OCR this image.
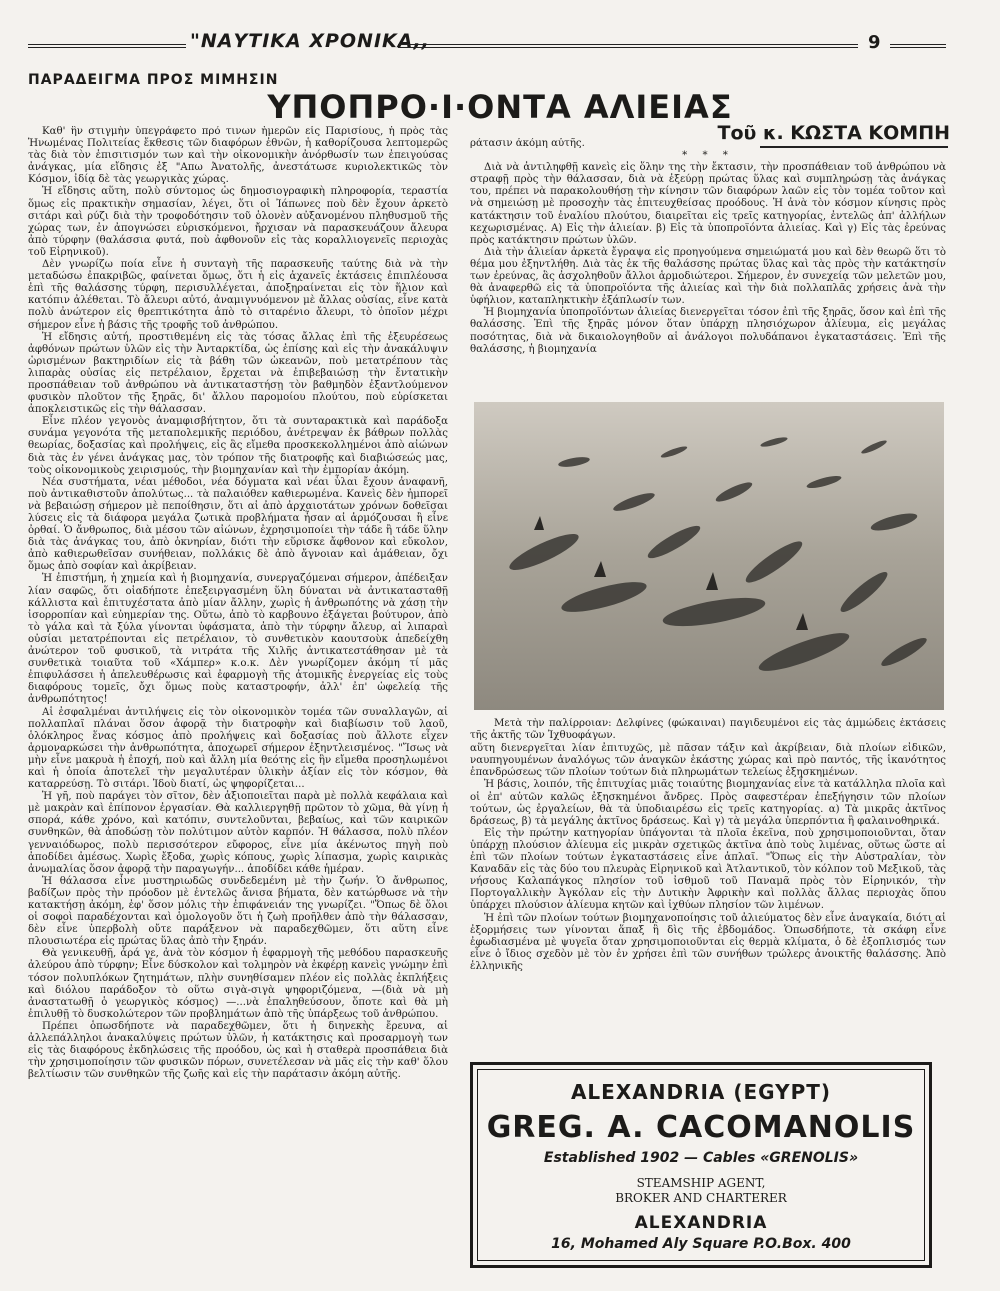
"ΝΑΥΤΙΚΑ ΧΡΟΝΙΚΑ,,	9
ΠΑΡΑΔΕΙΓΜΑ ΠΡΟΣ ΜΙΜΗΣΙΝ
ΥΠΟΠΡΟ·Ι·ΟΝΤΑ ΑΛΙΕΙΑΣ
Τοῦ κ. ΚΩΣΤΑ ΚΟΜΠΗ

Καθ' ἣν στιγμὴν ὑπεγράφετο πρό τινων ἡμερῶν εἰς Παρισίους, ἡ πρὸς τὰς Ἡνωμένας Πολιτείας ἔκθεσις τῶν διαφόρων ἐθνῶν, ἡ καθορίζουσα λεπτομερῶς τὰς διὰ τὸν ἐπισιτισμόν των καὶ τὴν οἰκονομικὴν ἀνόρθωσίν των ἐπειγούσας ἀνάγκας, μία εἴδησις ἐξ "Απω Ἀνατολῆς, ἀνεστάτωσε κυριολεκτικῶς τὸν Κόσμον, ἰδίᾳ δὲ τὰς γεωργικὰς χώρας.

Ἡ εἴδησις αὕτη, πολὺ σύντομος ὡς δημοσιογραφικὴ πληροφορία, τεραστία ὅμως εἰς πρακτικὴν σημασίαν, λέγει, ὅτι οἱ Ἰάπωνες ποὺ δὲν ἔχουν ἀρκετὸ σιτάρι καὶ ρύζι διὰ τὴν τροφοδότησιν τοῦ ὁλονὲν αὐξανομένου πληθυσμοῦ τῆς χώρας των, ἐν ἀπογνώσει εὑρισκόμενοι, ἤρχισαν νὰ παρασκευάζουν ἄλευρα ἀπὸ τύρφην (θαλάσσια φυτά, ποὺ ἀφθονοῦν εἰς τὰς κοραλλιογενεῖς περιοχὰς τοῦ Εἰρηνικοῦ).

Δὲν γνωρίζω ποία εἶνε ἡ συνταγὴ τῆς παρασκευῆς ταύτης διὰ νὰ τὴν μεταδώσω ἐπακριβῶς, φαίνεται ὅμως, ὅτι ἡ εἰς ἀχανεῖς ἐκτάσεις ἐπιπλέουσα ἐπὶ τῆς θαλάσσης τύρφη, περισυλλέγεται, ἀποξηραίνεται εἰς τὸν ἥλιον καὶ κατόπιν ἀλέθεται. Τὸ ἄλευρι αὐτό, ἀναμιγνυόμενον μὲ ἄλλας οὐσίας, εἶνε κατὰ πολὺ ἀνώτερον εἰς θρεπτικότητα ἀπὸ τὸ σιταρένιο ἄλευρι, τὸ ὁποῖον μέχρι σήμερον εἶνε ἡ βάσις τῆς τροφῆς τοῦ ἀνθρώπου.

Ἡ εἴδησις αὐτή, προστιθεμένη εἰς τὰς τόσας ἄλλας ἐπὶ τῆς ἐξευρέσεως ἀφθόνων πρώτων ὑλῶν εἰς τὴν Ἀνταρκτίδα, ὡς ἐπίσης καὶ εἰς τὴν ἀνακάλυψιν ὡρισμένων βακτηριδίων εἰς τὰ βάθη τῶν ὠκεανῶν, ποὺ μετατρέπουν τὰς λιπαρὰς οὐσίας εἰς πετρέλαιον, ἔρχεται νὰ ἐπιβεβαιώσῃ τὴν ἔντατικὴν προσπάθειαν τοῦ ἀνθρώπου νὰ ἀντικαταστήσῃ τὸν βαθμηδὸν ἐξαντλούμενον φυσικὸν πλοῦτον τῆς ξηρᾶς, δι' ἄλλου παρομοίου πλούτου, ποὺ εὑρίσκεται ἀποκλειστικῶς εἰς τὴν θάλασσαν.

Εἶνε πλέον γεγονὸς ἀναμφισβήτητον, ὅτι τὰ συνταρακτικὰ καὶ παράδοξα συνάμα γεγονότα τῆς μεταπολεμικῆς περιόδου, ἀνέτρεψαν ἐκ βάθρων πολλὰς θεωρίας, δοξασίας καὶ προλήψεις, εἰς ἃς εἴμεθα προσκεκολλημένοι ἀπὸ αἰώνων διὰ τὰς ἐν γένει ἀνάγκας μας, τὸν τρόπον τῆς διατροφῆς καὶ διαβιώσεώς μας, τοὺς οἰκονομικοὺς χειρισμούς, τὴν βιομηχανίαν καὶ τὴν ἐμπορίαν ἀκόμη.

Νέα συστήματα, νέαι μέθοδοι, νέα δόγματα καὶ νέαι ὗλαι ἔχουν ἀναφανῆ, ποὺ ἀντικαθιστοῦν ἀπολύτως... τὰ παλαιόθεν καθιερωμένα. Κανεὶς δὲν ἠμπορεῖ νὰ βεβαιώσῃ σήμερον μὲ πεποίθησιν, ὅτι αἱ ἀπὸ ἀρχαιοτάτων χρόνων δοθεῖσαι λύσεις εἰς τὰ διάφορα μεγάλα ζωτικὰ προβλήματα ἦσαν αἱ ἁρμόζουσαι ἢ εἶνε ὀρθαί. Ὁ ἄνθρωπος, διὰ μέσου τῶν αἰώνων, ἐχρησιμοποίει τὴν τάδε ἢ τάδε ὕλην διὰ τὰς ἀνάγκας του, ἀπὸ ὀκνηρίαν, διότι τὴν εὕρισκε ἄφθονον καὶ εὔκολον, ἀπὸ καθιερωθεῖσαν συνήθειαν, πολλάκις δὲ ἀπὸ ἄγνοιαν καὶ ἀμάθειαν, ὄχι ὅμως ἀπὸ σοφίαν καὶ ἀκρίβειαν.

Ἡ ἐπιστήμη, ἡ χημεία καὶ ἡ βιομηχανία, συνεργαζόμεναι σήμερον, ἀπέδειξαν λίαν σαφῶς, ὅτι οἱαδήποτε ἐπεξειργασμένη ὕλη δύναται νὰ ἀντικατασταθῇ κάλλιστα καὶ ἐπιτυχέστατα ἀπὸ μίαν ἄλλην, χωρὶς ἡ ἀνθρωπότης νὰ χάσῃ τὴν ἰσορροπίαν καὶ εὐημερίαν της. Οὕτω, ἀπὸ τὸ καρβουνο ἐξάγεται βούτυρον, ἀπὸ τὸ γάλα καὶ τὰ ξύλα γίνονται ὑφάσματα, ἀπὸ τὴν τύρφην ἄλευρ, αἱ λιπαραὶ οὐσίαι μετατρέπονται εἰς πετρέλαιον, τὸ συνθετικὸν καουτσοὺκ ἀπεδείχθη ἀνώτερον τοῦ φυσικοῦ, τὰ νιτράτα τῆς Χιλῆς ἀντικατεστάθησαν μὲ τὰ συνθετικὰ τοιαῦτα τοῦ «Χάμπερ» κ.ο.κ. Δὲν γνωρίζομεν ἀκόμη τί μᾶς ἐπιφυλάσσει ἡ ἀπελευθέρωσις καὶ ἐφαρμογὴ τῆς ἀτομικῆς ἐνεργείας εἰς τοὺς διαφόρους τομεῖς, ὄχι ὅμως ποὺς καταστροφήν, ἀλλ' ἐπ' ὠφελείᾳ τῆς ἀνθρωπότητος!

Αἱ ἐσφαλμέναι ἀντιλήψεις εἰς τὸν οἰκονομικὸν τομέα τῶν συναλλαγῶν, αἱ πολλαπλαῖ πλάναι ὅσον ἀφορᾷ τὴν διατροφὴν καὶ διαβίωσιν τοῦ λαοῦ, ὁλόκληρος ἕνας κόσμος ἀπὸ προλήψεις καὶ δοξασίας ποὺ ἄλλοτε εἶχεν ἁρμοναρκώσει τὴν ἀνθρωπότητα, ἀποχωρεῖ σήμερον ἐξηντλεισμένος. "Ἴσως νὰ μὴν εἶνε μακρυὰ ἡ ἐποχή, ποὺ καὶ ἄλλη μία θεότης εἰς ἣν εἴμεθα προσηλωμένοι καὶ ἡ ὁποία ἀποτελεῖ τὴν μεγαλυτέραν ὑλικὴν ἀξίαν εἰς τὸν κόσμον, θὰ καταρρεύσῃ. Τὸ σιτάρι. Ἰδοὺ διατί, ὡς ψηφορίζεται...

Ἡ γῆ, ποὺ παράγει τὸν σῖτον, δὲν ἀξιοποιεῖται παρὰ μὲ πολλὰ κεφάλαια καὶ μὲ μακρὰν καὶ ἐπίπονον ἐργασίαν. Θὰ καλλιεργηθῇ πρῶτον τὸ χῶμα, θὰ γίνῃ ἡ σπορά, κάθε χρόνο, καὶ κατόπιν, συντελοῦνται, βεβαίως, καὶ τῶν καιρικῶν συνθηκῶν, θὰ ἀποδώσῃ τὸν πολύτιμον αὐτὸν καρπόν. Ἡ θάλασσα, πολὺ πλέον γενναιόδωρος, πολὺ περισσότερον εὔφορος, εἶνε μία ἀκένωτος πηγὴ ποὺ ἀποδίδει ἀμέσως. Χωρὶς ἔξοδα, χωρὶς κόπους, χωρὶς λίπασμα, χωρὶς καιρικὰς ἀνωμαλίας ὅσον ἀφορᾷ τὴν παραγωγήν... ἀποδίδει κάθε ἡμέραν.

Ἡ θάλασσα εἶνε μυστηριωδῶς συνδεδεμένη μὲ τὴν ζωήν. Ὁ ἄνθρωπος, βαδίζων πρὸς τὴν πρόοδον μὲ ἐντελῶς ἄνισα βήματα, δὲν κατώρθωσε νὰ τὴν κατακτήσῃ ἀκόμη, ἐφ' ὅσον μόλις τὴν ἐπιφάνειάν της γνωρίζει. "Ὅπως δὲ ὅλοι οἱ σοφοὶ παραδέχονται καὶ ὁμολογοῦν ὅτι ἡ ζωὴ προῆλθεν ἀπὸ τὴν θάλασσαν, δὲν εἶνε ὑπερβολὴ οὔτε παράξενον νὰ παραδεχθῶμεν, ὅτι αὕτη εἶνε πλουσιωτέρα εἰς πρώτας ὕλας ἀπὸ τὴν ξηράν.

Θὰ γενικευθῇ, ἆρά γε, ἀνὰ τὸν κόσμον ἡ ἐφαρμογὴ τῆς μεθόδου παρασκευῆς ἀλεύρου ἀπὸ τύρφην; Εἶνε δύσκολον καὶ τολμηρὸν νὰ ἐκφέρῃ κανεὶς γνώμην ἐπὶ τόσον πολυπλόκων ζητημάτων, πλὴν συνηθίσαμεν πλέον εἰς πολλὰς ἐκπλήξεις καὶ διόλου παράδοξον τὸ οὕτω σιγὰ-σιγὰ ψηφοριζόμενα, —(διὰ νὰ μὴ ἀναστατωθῇ ὁ γεωργικὸς κόσμος) —...νὰ ἐπαληθεύσουν, ὅποτε καὶ θὰ μὴ ἐπιλυθῇ τὸ δυσκολώτερον τῶν προβλημάτων ἀπὸ τῆς ὑπάρξεως τοῦ ἀνθρώπου.

Πρέπει ὁπωσδήποτε νὰ παραδεχθῶμεν, ὅτι ἡ διηνεκὴς ἔρευνα, αἱ ἀλλεπάλληλοι ἀνακαλύψεις πρώτων ὑλῶν, ἡ κατάκτησις καὶ προσαρμογὴ των εἰς τὰς διαφόρους ἐκδηλώσεις τῆς προόδου, ὡς καὶ ἡ σταθερὰ προσπάθεια διὰ τὴν χρησιμοποίησιν τῶν φυσικῶν πόρων, συνετέλεσαν νὰ μᾶς εἰς τὴν καθ' ὅλου βελτίωσιν τῶν συνθηκῶν τῆς ζωῆς καὶ εἰς τὴν παράτασιν ἀκόμη αὐτῆς.

ράτασιν ἀκόμη αὐτῆς.

* * *

Διὰ νὰ ἀντιληφθῇ κανεὶς εἰς ὅλην της τὴν ἔκτασιν, τὴν προσπάθειαν τοῦ ἀνθρώπου νὰ στραφῇ πρὸς τὴν θάλασσαν, διὰ νὰ ἐξεύρῃ πρώτας ὕλας καὶ συμπληρώσῃ τὰς ἀνάγκας του, πρέπει νὰ παρακολουθήσῃ τὴν κίνησιν τῶν διαφόρων λαῶν εἰς τὸν τομέα τοῦτον καὶ νὰ σημειώσῃ μὲ προσοχὴν τὰς ἐπιτευχθείσας προόδους. Ἡ ἀνὰ τὸν κόσμον κίνησις πρὸς κατάκτησιν τοῦ ἐναλίου πλούτου, διαιρεῖται εἰς τρεῖς κατηγορίας, ἐντελῶς ἀπ' ἀλλήλων κεχωρισμένας. Α) Εἰς τὴν ἀλιείαν. β) Εἰς τὰ ὑποπροϊόντα ἀλιείας. Καὶ γ) Εἰς τὰς ἐρεύνας πρὸς κατάκτησιν πρώτων ὑλῶν.

Διὰ τὴν ἀλιείαν ἀρκετὰ ἔγραψα εἰς προηγούμενα σημειώματά μου καὶ δὲν θεωρῶ ὅτι τὸ θέμα μου ἐξηντλήθη. Διὰ τὰς ἐκ τῆς θαλάσσης πρώτας ὕλας καὶ τὰς πρὸς τὴν κατάκτησίν των ἐρεύνας, ἃς ἀσχοληθοῦν ἄλλοι ἁρμοδιώτεροι. Σήμερον, ἐν συνεχείᾳ τῶν μελετῶν μου, θὰ ἀναφερθῶ εἰς τὰ ὑποπροϊόντα τῆς ἀλιείας καὶ τὴν διὰ πολλαπλᾶς χρήσεις ἀνὰ τὴν ὑφήλιον, καταπληκτικὴν ἐξάπλωσίν των.

Ἡ βιομηχανία ὑποπροϊόντων ἀλιείας διενεργεῖται τόσον ἐπὶ τῆς ξηρᾶς, ὅσον καὶ ἐπὶ τῆς θαλάσσης. Ἐπὶ τῆς ξηρᾶς μόνον ὅταν ὑπάρχῃ πλησιόχωρον ἀλίευμα, εἰς μεγάλας ποσότητας, διὰ νὰ δικαιολογηθοῦν αἱ ἀνάλογοι πολυδάπανοι ἐγκαταστάσεις. Ἐπὶ τῆς θαλάσσης, ἡ βιομηχανία

Μετὰ τὴν παλίρροιαν: Δελφίνες (φώκαιναι) παγιδευμένοι εἰς τὰς ἀμμώδεις ἐκτάσεις τῆς ἀκτῆς τῶν Ἰχθυοφάγων.

αὕτη διενεργεῖται λίαν ἐπιτυχῶς, μὲ πᾶσαν τάξιν καὶ ἀκρίβειαν, διὰ πλοίων εἰδικῶν, ναυπηγουμένων ἀναλόγως τῶν ἀναγκῶν ἑκάστης χώρας καὶ πρὸ παντός, τῆς ἱκανότητος ἐπανδρώσεως τῶν πλοίων τούτων διὰ πληρωμάτων τελείως ἐξησκημένων.

Ἡ βάσις, λοιπόν, τῆς ἐπιτυχίας μιᾶς τοιαύτης βιομηχανίας εἶνε τὰ κατάλληλα πλοῖα καὶ οἱ ἐπ' αὐτῶν καλῶς ἐξησκημένοι ἄνδρες. Πρὸς σαφεστέραν ἐπεξήγησιν τῶν πλοίων τούτων, ὡς ἐργαλείων, θὰ τὰ ὑποδιαιρέσω εἰς τρεῖς κατηγορίας. α) Τὰ μικρᾶς ἀκτῖνος δράσεως, β) τὰ μεγάλης ἀκτῖνος δράσεως. Καὶ γ) τὰ μεγάλα ὑπερπόντια ἢ φαλαινοθηρικά.

Εἰς τὴν πρώτην κατηγορίαν ὑπάγονται τὰ πλοῖα ἐκεῖνα, ποὺ χρησιμοποιοῦνται, ὅταν ὑπάρχῃ πλούσιον ἀλίευμα εἰς μικρὰν σχετικῶς ἀκτῖνα ἀπὸ τοὺς λιμένας, οὕτως ὥστε αἱ ἐπὶ τῶν πλοίων τούτων ἐγκαταστάσεις εἶνε ἁπλαῖ. "Ὅπως εἰς τὴν Αὐστραλίαν, τὸν Καναδᾶν εἰς τὰς δύο του πλευρὰς Εἰρηνικοῦ καὶ Ἀτλαντικοῦ, τὸν κόλπον τοῦ Μεξικοῦ, τὰς νήσους Καλαπάγκος πλησίον τοῦ ἰσθμοῦ τοῦ Παναμᾶ πρὸς τὸν Εἰρηνικόν, τὴν Πορτογαλλικὴν Ἀγκόλαν εἰς τὴν Δυτικὴν Ἀφρικὴν καὶ πολλὰς ἄλλας περιοχὰς ὅπου ὑπάρχει πλούσιον ἀλίευμα κητῶν καὶ ἰχθύων πλησίον τῶν λιμένων.

Ἡ ἐπὶ τῶν πλοίων τούτων βιομηχανοποίησις τοῦ ἀλιεύματος δὲν εἶνε ἀναγκαία, διότι αἱ ἐξορμήσεις των γίνονται ἅπαξ ἢ δὶς τῆς ἑβδομάδος. Ὁπωσδήποτε, τὰ σκάφη εἶνε ἐφωδιασμένα μὲ ψυγεῖα ὅταν χρησιμοποιοῦνται εἰς θερμὰ κλίματα, ὁ δὲ ἐξοπλισμός των εἶνε ὁ ἴδιος σχεδὸν μὲ τὸν ἐν χρήσει ἐπὶ τῶν συνήθων τρώλερς ἀνοικτῆς θαλάσσης. Ἀπὸ ἑλληνικῆς

ALEXANDRIA (EGYPT)
GREG. A. CACOMANOLIS
Established 1902 — Cables «GRENOLIS»
STEAMSHIP AGENT,
BROKER AND CHARTERER
ALEXANDRIA
16, Mohamed Aly Square P.O.Box. 400
